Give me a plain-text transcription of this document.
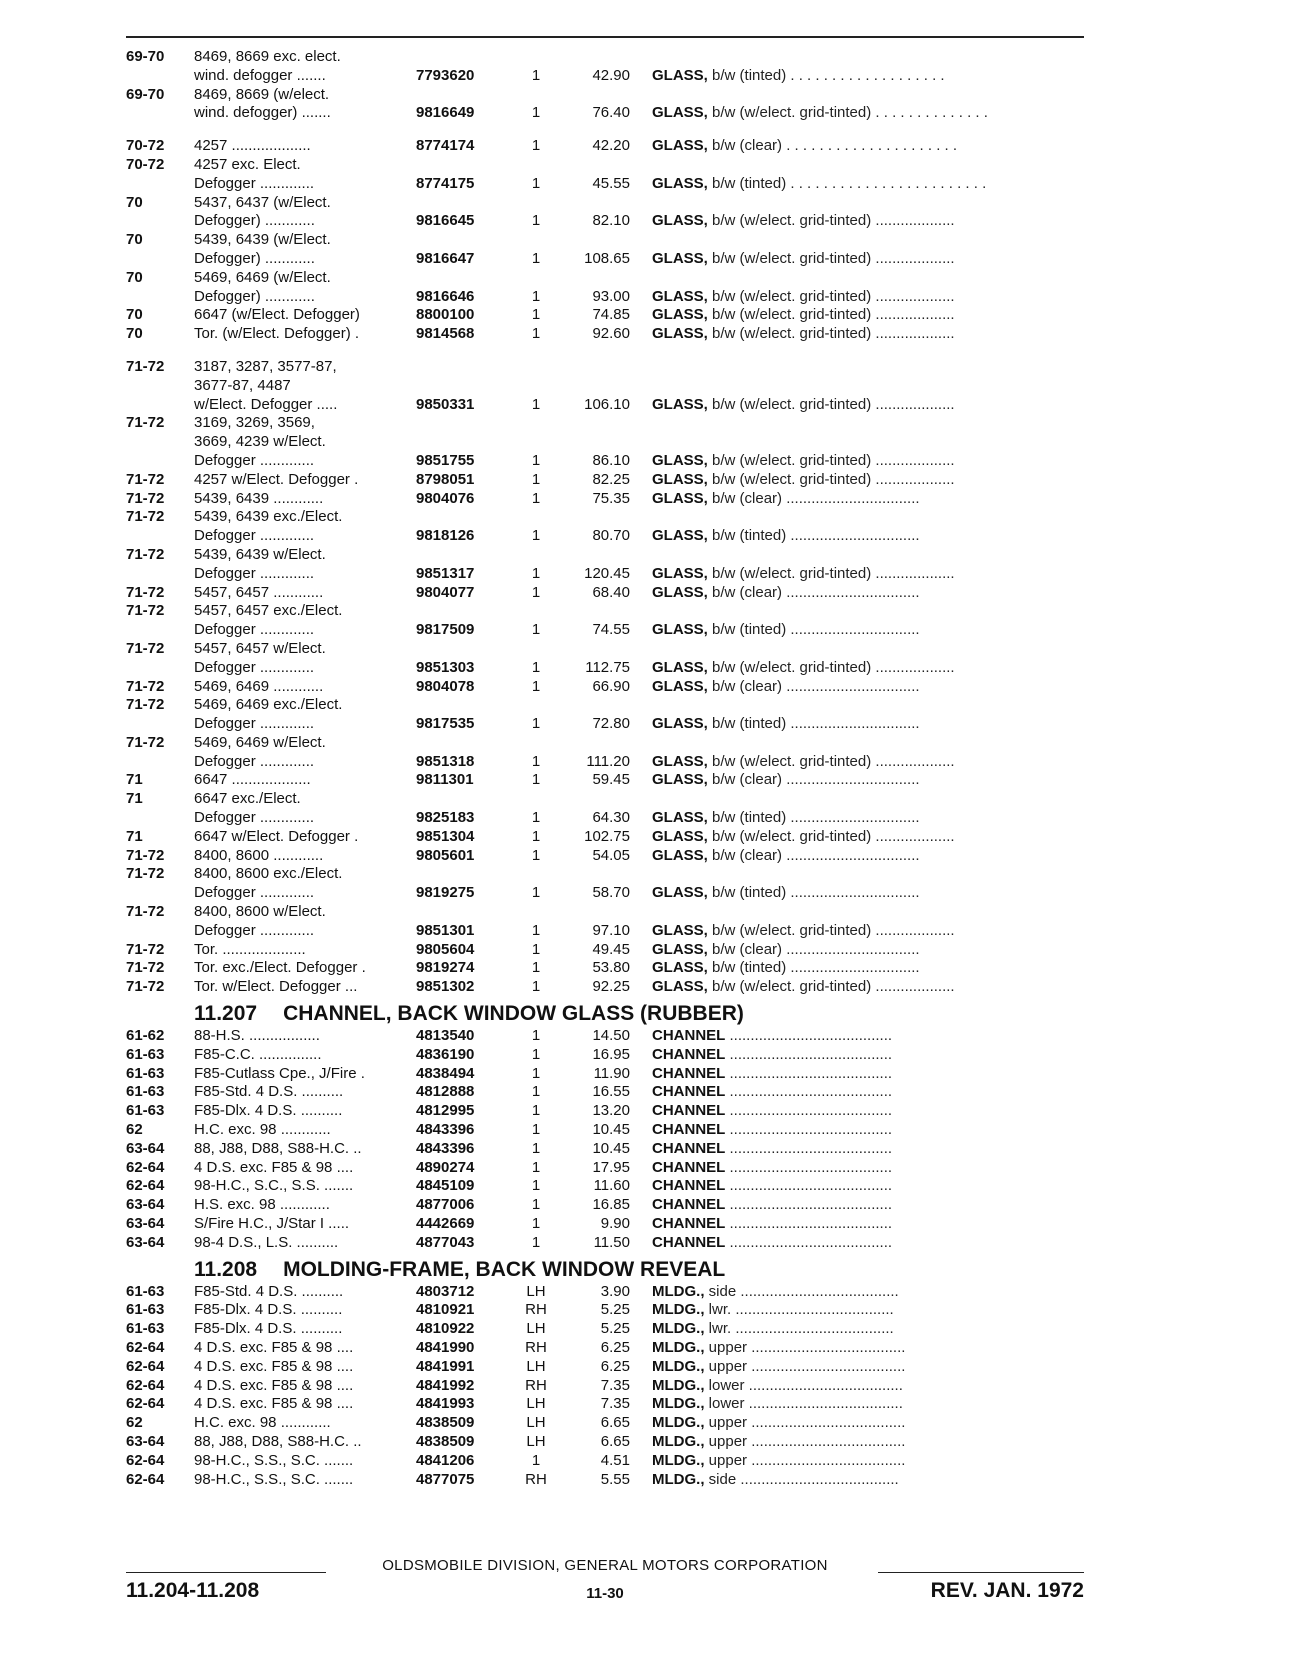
69-70	8469, 8669 exc. elect.				
	wind. defogger .......	7793620	1	42.90	GLASS, b/w (tinted) . . . . . . . . . . . . . . . . . . .
69-70	8469, 8669 (w/elect.				
	wind. defogger) .......	9816649	1	76.40	GLASS, b/w (w/elect. grid-tinted) . . . . . . . . . . . . . .

70-72	4257 ...................	8774174	1	42.20	GLASS, b/w (clear) . . . . . . . . . . . . . . . . . . . . .
70-72	4257 exc. Elect.				
	Defogger .............	8774175	1	45.55	GLASS, b/w (tinted) . . . . . . . . . . . . . . . . . . . . . . . .
70	5437, 6437 (w/Elect.				
	Defogger) ............	9816645	1	82.10	GLASS, b/w (w/elect. grid-tinted) ...................
70	5439, 6439 (w/Elect.				
	Defogger) ............	9816647	1	108.65	GLASS, b/w (w/elect. grid-tinted) ...................
70	5469, 6469 (w/Elect.				
	Defogger) ............	9816646	1	93.00	GLASS, b/w (w/elect. grid-tinted) ...................
70	6647 (w/Elect. Defogger)	8800100	1	74.85	GLASS, b/w (w/elect. grid-tinted) ...................
70	Tor. (w/Elect. Defogger) .	9814568	1	92.60	GLASS, b/w (w/elect. grid-tinted) ...................

71-72	3187, 3287, 3577-87,				
	3677-87, 4487				
	w/Elect. Defogger .....	9850331	1	106.10	GLASS, b/w (w/elect. grid-tinted) ...................
71-72	3169, 3269, 3569,				
	3669, 4239 w/Elect.				
	Defogger .............	9851755	1	86.10	GLASS, b/w (w/elect. grid-tinted) ...................
71-72	4257 w/Elect. Defogger .	8798051	1	82.25	GLASS, b/w (w/elect. grid-tinted) ...................
71-72	5439, 6439 ............	9804076	1	75.35	GLASS, b/w (clear) ................................
71-72	5439, 6439 exc./Elect.				
	Defogger .............	9818126	1	80.70	GLASS, b/w (tinted) ...............................
71-72	5439, 6439 w/Elect.				
	Defogger .............	9851317	1	120.45	GLASS, b/w (w/elect. grid-tinted) ...................
71-72	5457, 6457 ............	9804077	1	68.40	GLASS, b/w (clear) ................................
71-72	5457, 6457 exc./Elect.				
	Defogger .............	9817509	1	74.55	GLASS, b/w (tinted) ...............................
71-72	5457, 6457 w/Elect.				
	Defogger .............	9851303	1	112.75	GLASS, b/w (w/elect. grid-tinted) ...................
71-72	5469, 6469 ............	9804078	1	66.90	GLASS, b/w (clear) ................................
71-72	5469, 6469 exc./Elect.				
	Defogger .............	9817535	1	72.80	GLASS, b/w (tinted) ...............................
71-72	5469, 6469 w/Elect.				
	Defogger .............	9851318	1	111.20	GLASS, b/w (w/elect. grid-tinted) ...................
71	6647 ...................	9811301	1	59.45	GLASS, b/w (clear) ................................
71	6647 exc./Elect.				
	Defogger .............	9825183	1	64.30	GLASS, b/w (tinted) ...............................
71	6647 w/Elect. Defogger .	9851304	1	102.75	GLASS, b/w (w/elect. grid-tinted) ...................
71-72	8400, 8600 ............	9805601	1	54.05	GLASS, b/w (clear) ................................
71-72	8400, 8600 exc./Elect.				
	Defogger .............	9819275	1	58.70	GLASS, b/w (tinted) ...............................
71-72	8400, 8600 w/Elect.				
	Defogger .............	9851301	1	97.10	GLASS, b/w (w/elect. grid-tinted) ...................
71-72	Tor. ....................	9805604	1	49.45	GLASS, b/w (clear) ................................
71-72	Tor. exc./Elect. Defogger .	9819274	1	53.80	GLASS, b/w (tinted) ...............................
71-72	Tor. w/Elect. Defogger ...	9851302	1	92.25	GLASS, b/w (w/elect. grid-tinted) ...................
11.207 CHANNEL, BACK WINDOW GLASS (RUBBER)					
61-62	88-H.S. .................	4813540	1	14.50	CHANNEL .......................................
61-63	F85-C.C. ...............	4836190	1	16.95	CHANNEL .......................................
61-63	F85-Cutlass Cpe., J/Fire .	4838494	1	11.90	CHANNEL .......................................
61-63	F85-Std. 4 D.S. ..........	4812888	1	16.55	CHANNEL .......................................
61-63	F85-Dlx. 4 D.S. ..........	4812995	1	13.20	CHANNEL .......................................
62	H.C. exc. 98 ............	4843396	1	10.45	CHANNEL .......................................
63-64	88, J88, D88, S88-H.C. ..	4843396	1	10.45	CHANNEL .......................................
62-64	4 D.S. exc. F85 & 98 ....	4890274	1	17.95	CHANNEL .......................................
62-64	98-H.C., S.C., S.S. .......	4845109	1	11.60	CHANNEL .......................................
63-64	H.S. exc. 98 ............	4877006	1	16.85	CHANNEL .......................................
63-64	S/Fire H.C., J/Star I .....	4442669	1	9.90	CHANNEL .......................................
63-64	98-4 D.S., L.S. ..........	4877043	1	11.50	CHANNEL .......................................
11.208 MOLDING-FRAME, BACK WINDOW REVEAL					
61-63	F85-Std. 4 D.S. ..........	4803712	LH	3.90	MLDG., side ......................................
61-63	F85-Dlx. 4 D.S. ..........	4810921	RH	5.25	MLDG., lwr. ......................................
61-63	F85-Dlx. 4 D.S. ..........	4810922	LH	5.25	MLDG., lwr. ......................................
62-64	4 D.S. exc. F85 & 98 ....	4841990	RH	6.25	MLDG., upper .....................................
62-64	4 D.S. exc. F85 & 98 ....	4841991	LH	6.25	MLDG., upper .....................................
62-64	4 D.S. exc. F85 & 98 ....	4841992	RH	7.35	MLDG., lower .....................................
62-64	4 D.S. exc. F85 & 98 ....	4841993	LH	7.35	MLDG., lower .....................................
62	H.C. exc. 98 ............	4838509	LH	6.65	MLDG., upper .....................................
63-64	88, J88, D88, S88-H.C. ..	4838509	LH	6.65	MLDG., upper .....................................
62-64	98-H.C., S.S., S.C. .......	4841206	1	4.51	MLDG., upper .....................................
62-64	98-H.C., S.S., S.C. .......	4877075	RH	5.55	MLDG., side ......................................
OLDSMOBILE DIVISION, GENERAL MOTORS CORPORATION
11.204-11.208	11-30	REV. JAN. 1972
